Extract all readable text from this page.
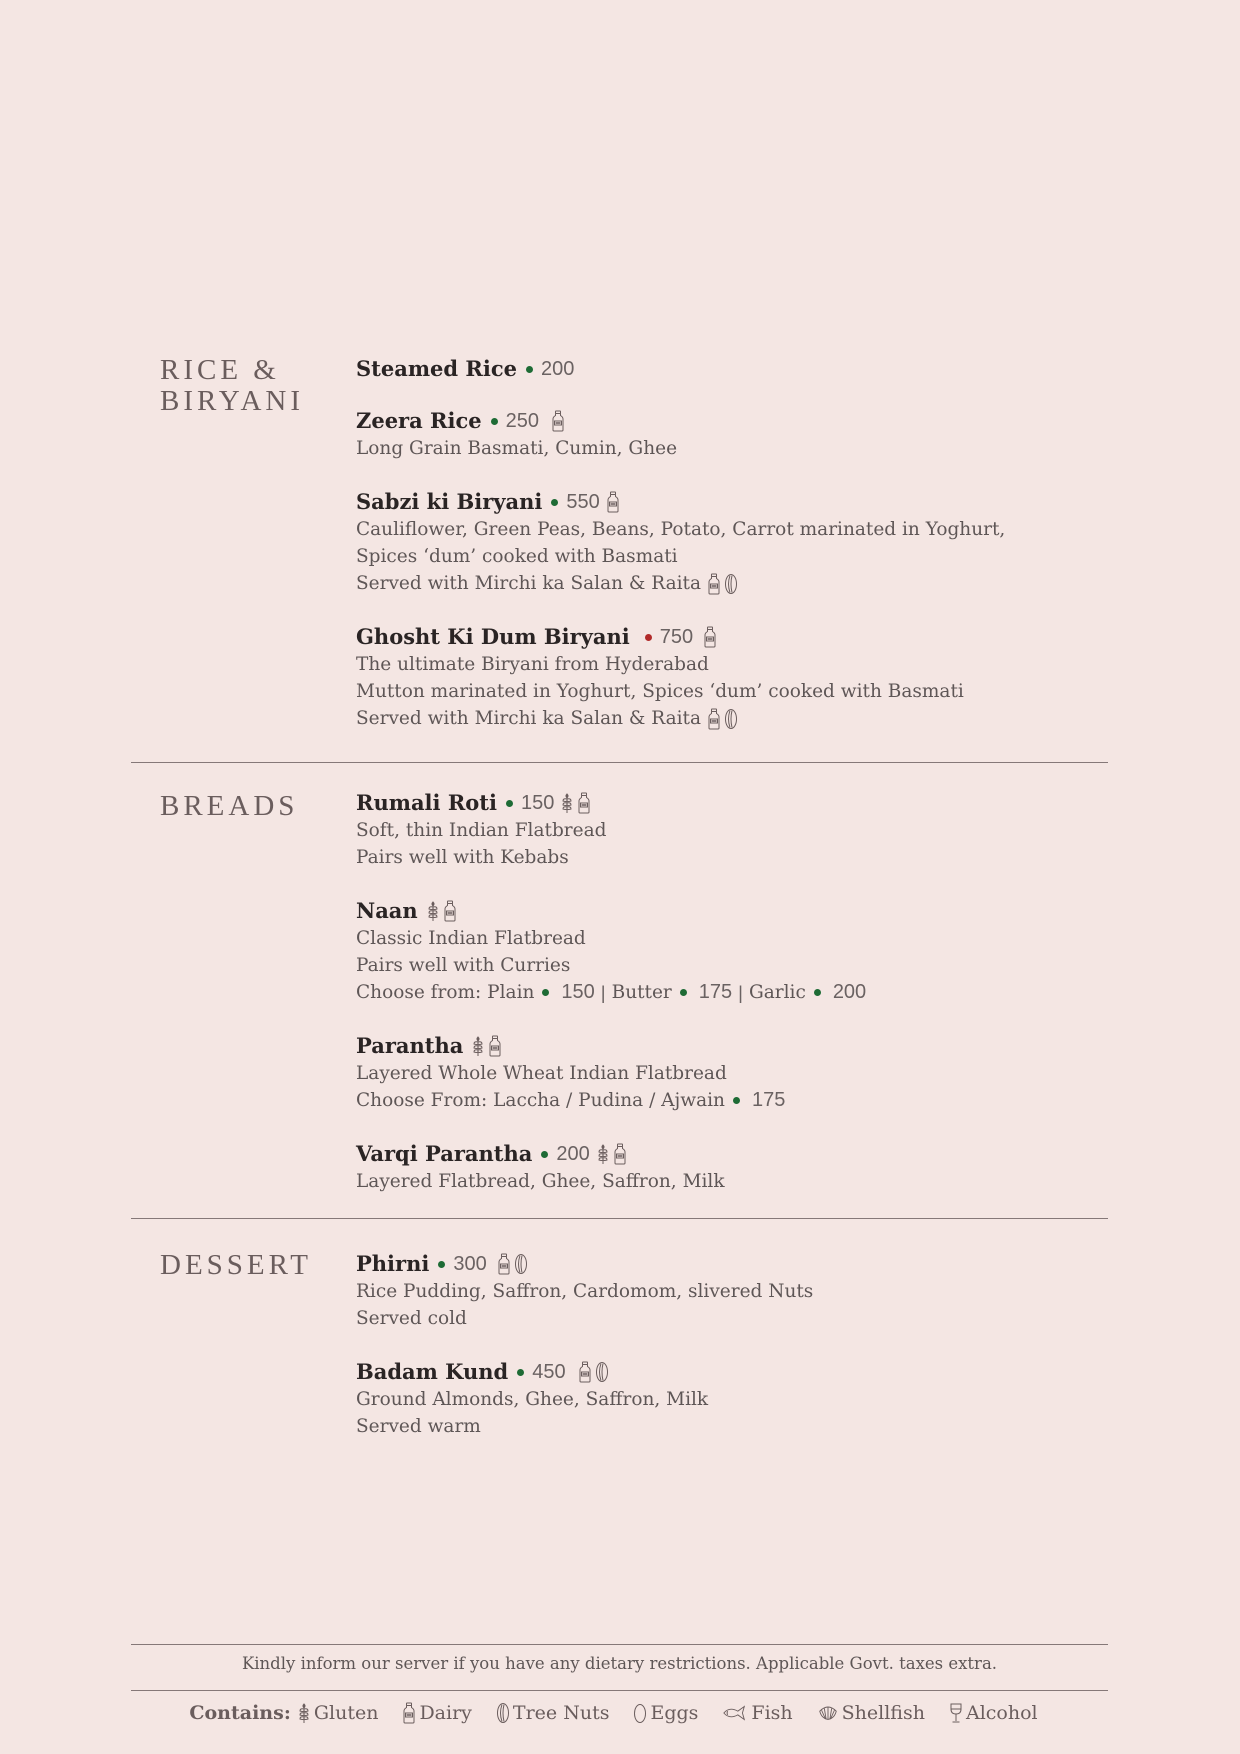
RICE &
BIRYANI
Steamed Rice 200
Zeera Rice 250
Long Grain Basmati, Cumin, Ghee
Sabzi ki Biryani 550
Cauliflower, Green Peas, Beans, Potato, Carrot marinated in Yoghurt,
Spices ‘dum’ cooked with Basmati
Served with Mirchi ka Salan & Raita
Ghosht Ki Dum Biryani 750
The ultimate Biryani from Hyderabad
Mutton marinated in Yoghurt, Spices ‘dum’ cooked with Basmati
Served with Mirchi ka Salan & Raita
BREADS	Rumali Roti 150
Soft, thin Indian Flatbread
Pairs well with Kebabs
Naan
Classic Indian Flatbread
Pairs well with Curries
Choose from:
Plain 150 | Butter 175 | Garlic 200
Parantha
Layered Whole Wheat Indian Flatbread
Choose From: Laccha / Pudina / Ajwain 175
Varqi Parantha 200
Layered Flatbread, Ghee, Saffron, Milk
DESSERT Phirni 300
Rice Pudding, Saffron, Cardomom, slivered Nuts
Served cold
Badam Kund 450
Ground Almonds, Ghee, Saffron, Milk
Served warm
Kindly inform our server if you have any dietary restrictions. Applicable Govt. taxes extra.
Contains: Gluten Dairy Tree Nuts Eggs	Fish	Shellfish Alcohol
